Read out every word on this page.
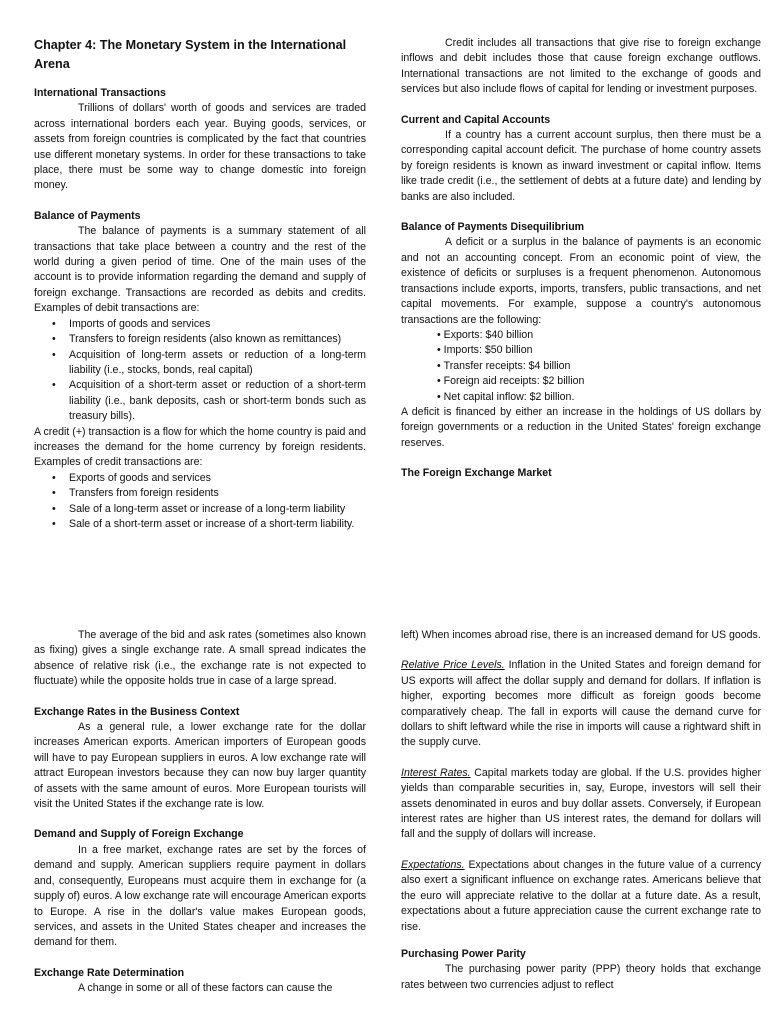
Chapter 4: The Monetary System in the International Arena
International Transactions

Trillions of dollars' worth of goods and services are traded across international borders each year. Buying goods, services, or assets from foreign countries is complicated by the fact that countries use different monetary systems. In order for these transactions to take place, there must be some way to change domestic into foreign money.

Balance of Payments

The balance of payments is a summary statement of all transactions that take place between a country and the rest of the world during a given period of time. One of the main uses of the account is to provide information regarding the demand and supply of foreign exchange. Transactions are recorded as debits and credits. Examples of debit transactions are:

• Imports of goods and services
• Transfers to foreign residents (also known as remittances)
• Acquisition of long-term assets or reduction of a long-term liability (i.e., stocks, bonds, real capital)
• Acquisition of a short-term asset or reduction of a short-term liability (i.e., bank deposits, cash or short-term bonds such as treasury bills).

A credit (+) transaction is a flow for which the home country is paid and increases the demand for the home currency by foreign residents. Examples of credit transactions are:

• Exports of goods and services
• Transfers from foreign residents
• Sale of a long-term asset or increase of a long-term liability
• Sale of a short-term asset or increase of a short-term liability.

Credit includes all transactions that give rise to foreign exchange inflows and debit includes those that cause foreign exchange outflows. International transactions are not limited to the exchange of goods and services but also include flows of capital for lending or investment purposes.

Current and Capital Accounts

If a country has a current account surplus, then there must be a corresponding capital account deficit. The purchase of home country assets by foreign residents is known as inward investment or capital inflow. Items like trade credit (i.e., the settlement of debts at a future date) and lending by banks are also included.

Balance of Payments Disequilibrium

A deficit or a surplus in the balance of payments is an economic and not an accounting concept. From an economic point of view, the existence of deficits or surpluses is a frequent phenomenon. Autonomous transactions include exports, imports, transfers, public transactions, and net capital movements. For example, suppose a country's autonomous transactions are the following:

• Exports: $40 billion
• Imports: $50 billion
• Transfer receipts: $4 billion
• Foreign aid receipts: $2 billion
• Net capital inflow: $2 billion.

A deficit is financed by either an increase in the holdings of US dollars by foreign governments or a reduction in the United States' foreign exchange reserves.

The Foreign Exchange Market

The average of the bid and ask rates (sometimes also known as fixing) gives a single exchange rate. A small spread indicates the absence of relative risk (i.e., the exchange rate is not expected to fluctuate) while the opposite holds true in case of a large spread.

Exchange Rates in the Business Context

As a general rule, a lower exchange rate for the dollar increases American exports. American importers of European goods will have to pay European suppliers in euros. A low exchange rate will attract European investors because they can now buy larger quantity of assets with the same amount of euros. More European tourists will visit the United States if the exchange rate is low.

Demand and Supply of Foreign Exchange

In a free market, exchange rates are set by the forces of demand and supply. American suppliers require payment in dollars and, consequently, Europeans must acquire them in exchange for (a supply of) euros. A low exchange rate will encourage American exports to Europe. A rise in the dollar's value makes European goods, services, and assets in the United States cheaper and increases the demand for them.

Exchange Rate Determination

A change in some or all of these factors can cause the

left) When incomes abroad rise, there is an increased demand for US goods.

Relative Price Levels. Inflation in the United States and foreign demand for US exports will affect the dollar supply and demand for dollars. If inflation is higher, exporting becomes more difficult as foreign goods become comparatively cheap. The fall in exports will cause the demand curve for dollars to shift leftward while the rise in imports will cause a rightward shift in the supply curve.

Interest Rates. Capital markets today are global. If the U.S. provides higher yields than comparable securities in, say, Europe, investors will sell their assets denominated in euros and buy dollar assets. Conversely, if European interest rates are higher than US interest rates, the demand for dollars will fall and the supply of dollars will increase.

Expectations. Expectations about changes in the future value of a currency also exert a significant influence on exchange rates. Americans believe that the euro will appreciate relative to the dollar at a future date. As a result, expectations about a future appreciation cause the current exchange rate to rise.

Purchasing Power Parity

The purchasing power parity (PPP) theory holds that exchange rates between two currencies adjust to reflect
